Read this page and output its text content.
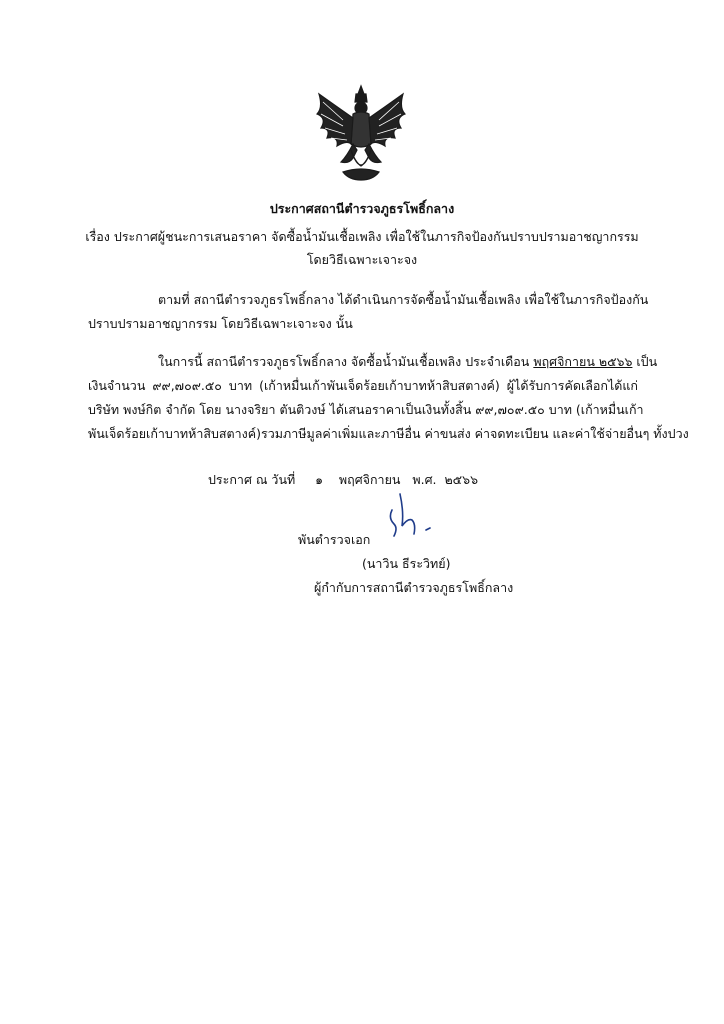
ประกาศสถานีตำรวจภูธรโพธิ์กลาง
เรื่อง ประกาศผู้ชนะการเสนอราคา จัดซื้อน้ำมันเชื้อเพลิง เพื่อใช้ในภารกิจป้องกันปราบปรามอาชญากรรม
โดยวิธีเฉพาะเจาะจง
ตามที่ สถานีตำรวจภูธรโพธิ์กลาง ได้ดำเนินการจัดซื้อน้ำมันเชื้อเพลิง เพื่อใช้ในภารกิจป้องกัน
ปราบปรามอาชญากรรม โดยวิธีเฉพาะเจาะจง นั้น
ในการนี้ สถานีตำรวจภูธรโพธิ์กลาง จัดซื้อน้ำมันเชื้อเพลิง ประจำเดือน พฤศจิกายน ๒๕๖๖ เป็น
เงินจำนวน ๙๙,๗๐๙.๕๐ บาท (เก้าหมื่นเก้าพันเจ็ดร้อยเก้าบาทห้าสิบสตางค์) ผู้ได้รับการคัดเลือกได้แก่
บริษัท พงษ์กิต จำกัด โดย นางจริยา ตันติวงษ์ ได้เสนอราคาเป็นเงินทั้งสิ้น ๙๙,๗๐๙.๕๐ บาท (เก้าหมื่นเก้า
พันเจ็ดร้อยเก้าบาทห้าสิบสตางค์)รวมภาษีมูลค่าเพิ่มและภาษีอื่น ค่าขนส่ง ค่าจดทะเบียน และค่าใช้จ่ายอื่นๆ ทั้งปวง
ประกาศ ณ วันที่     ๑    พฤศจิกายน   พ.ศ.  ๒๕๖๖
พันตำรวจเอก
(นาวิน ธีระวิทย์)
ผู้กำกับการสถานีตำรวจภูธรโพธิ์กลาง
